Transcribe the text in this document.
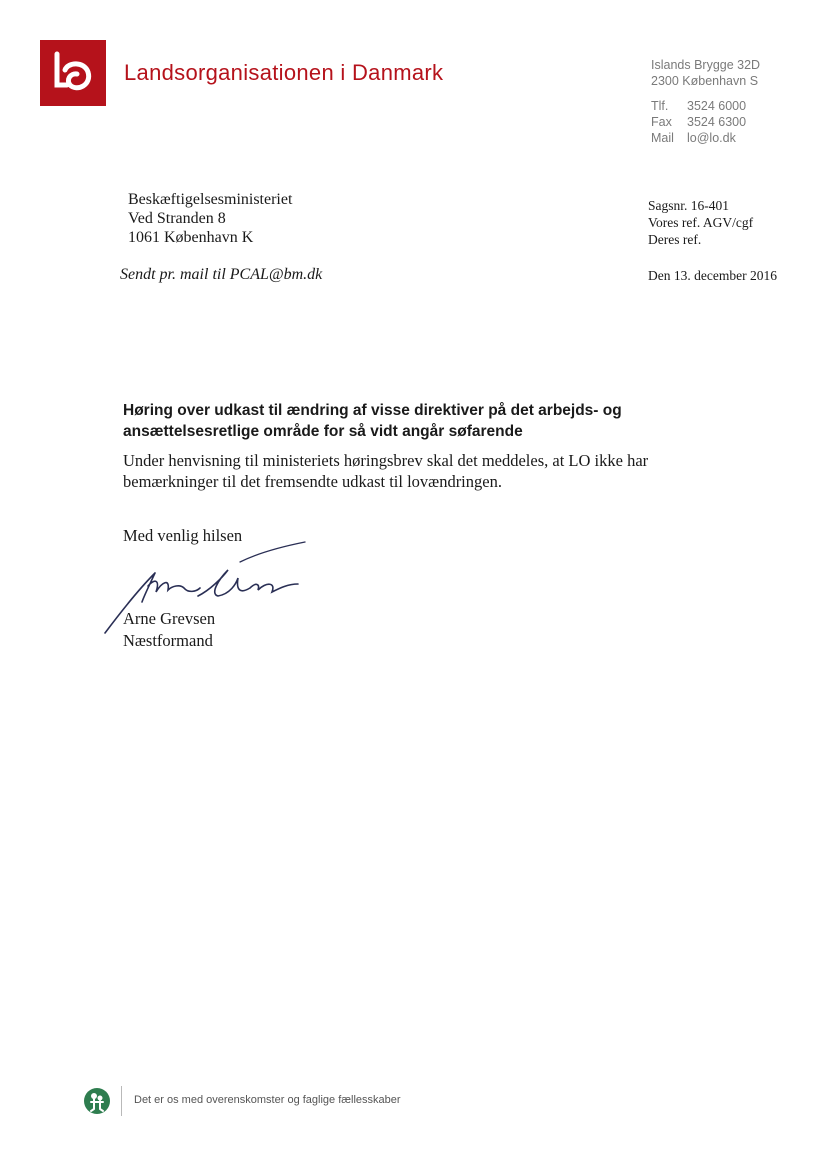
Landsorganisationen i Danmark	Islands Brygge 32D
2300 København S
Tlf. 3524 6000
Fax 3524 6300
Mail lo@lo.dk
Beskæftigelsesministeriet
Ved Stranden 8
1061 København K
Sagsnr. 16-401
Vores ref. AGV/cgf
Deres ref.
Sendt pr. mail til PCAL@bm.dk	Den 13. december 2016
Høring over udkast til ændring af visse direktiver på det arbejds- og ansættelsesretlige område for så vidt angår søfarende
Under henvisning til ministeriets høringsbrev skal det meddeles, at LO ikke har bemærkninger til det fremsendte udkast til lovændringen.
Med venlig hilsen
Arne Grevsen
Næstformand
Det er os med overenskomster og faglige fællesskaber
